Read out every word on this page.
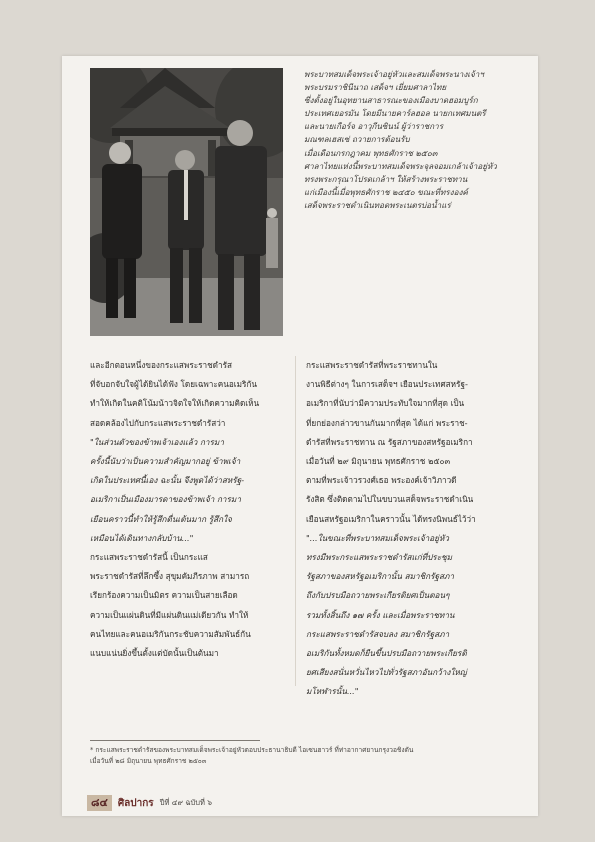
พระบาทสมเด็จพระเจ้าอยู่หัวและสมเด็จพระนางเจ้าฯ
พระบรมราชินีนาถ เสด็จฯ เยี่ยมศาลาไทย
ซึ่งตั้งอยู่ในอุทยานสาธารณะของเมืองบาดฮอมบูร์ก
ประเทศเยอรมัน โดยมีนายคาร์ลฮอล นายกเทศมนตรี
และนายเกือร์จ อาวุกีนซินน์ ผู้ว่าราชการ
มณฑลเฮสเซ่ ถวายการต้อนรับ
เมื่อเดือนกรกฎาคม พุทธศักราช ๒๕๐๓
ศาลาไทยแห่งนี้พระบาทสมเด็จพระจุลจอมเกล้าเจ้าอยู่หัว
ทรงพระกรุณาโปรดเกล้าฯ ให้สร้างพระราชทาน
แก่เมืองนี้เมื่อพุทธศักราช ๒๔๕๐ ขณะที่ทรงองค์
เสด็จพระราชดำเนินทอดพระเนตรบ่อน้ำแร่
และอีกตอนหนึ่งของกระแสพระราชดำรัส
ที่จับอกจับใจผู้ได้ยินได้ฟัง โดยเฉพาะคนอเมริกัน
ทำให้เกิดในคติโน้มน้าวจิตใจให้เกิดความคิดเห็น
สอดคล้องไปกับกระแสพระราชดำรัสว่า
"ในส่วนตัวของข้าพเจ้าเองแล้ว การมา
ครั้งนี้นับว่าเป็นความสำคัญมากอยู่ ข้าพเจ้า
เกิดในประเทศนี้เอง ฉะนั้น จึงพูดได้ว่าสหรัฐ-
อเมริกาเป็นเมืองมารดาของข้าพเจ้า การมา
เยือนคราวนี้ทำให้รู้สึกตื่นเต้นมาก รู้สึกใจ
เหมือนได้เดินทางกลับบ้าน..."
กระแสพระราชดำรัสนี้ เป็นกระแส
พระราชดำรัสที่ลึกซึ้ง สุขุมคัมภีรภาพ สามารถ
เรียกร้องความเป็นมิตร ความเป็นสายเลือด
ความเป็นแผ่นดินที่มีแผ่นดินแม่เดียวกัน ทำให้
คนไทยและคนอเมริกันกระชับความสัมพันธ์กัน
แนบแน่นยิ่งขึ้นตั้งแต่บัดนั้นเป็นต้นมา
กระแสพระราชดำรัสที่พระราชทานใน
งานพิธีต่างๆ ในการเสด็จฯ เยือนประเทศสหรัฐ-
อเมริกาที่นับว่ามีความประทับใจมากที่สุด เป็น
ที่ยกย่องกล่าวขานกันมากที่สุด ได้แก่ พระราช-
ดำรัสที่พระราชทาน ณ รัฐสภาของสหรัฐอเมริกา
เมื่อวันที่ ๒๙ มิถุนายน พุทธศักราช ๒๕๐๓
ตามที่พระเจ้าวรวงศ์เธอ พระองค์เจ้าวิภาวดี
รังสิต ซึ่งติดตามไปในขบวนเสด็จพระราชดำเนิน
เยือนสหรัฐอเมริกาในคราวนั้น ได้ทรงนิพนธ์ไว้ว่า
"...ในขณะที่พระบาทสมเด็จพระเจ้าอยู่หัว
ทรงมีพระกระแสพระราชดำรัสแก่ที่ประชุม
รัฐสภาของสหรัฐอเมริกานั้น สมาชิกรัฐสภา
ถึงกับปรบมือถวายพระเกียรติยศเป็นตอนๆ
รวมทั้งสิ้นถึง ๑๗ ครั้ง และเมื่อพระราชทาน
กระแสพระราชดำรัสจบลง สมาชิกรัฐสภา
อเมริกันทั้งหมดก็ยืนขึ้นปรบมือถวายพระเกียรติ
ยศเสียงสนั่นหวั่นไหวไปทั่วรัฐสภาอันกว้างใหญ่
มโหฬารนั้น..."
* กระแสพระราชดำรัสของพระบาทสมเด็จพระเจ้าอยู่หัวตอบประธานาธิบดี ไอเซนฮาวร์ ที่ท่าอากาศยานกรุงวอชิงตัน
เมื่อวันที่ ๒๘ มิถุนายน พุทธศักราช ๒๕๐๓
๘๔	ศิลปากร ปีที่ ๔๙ ฉบับที่ ๖
